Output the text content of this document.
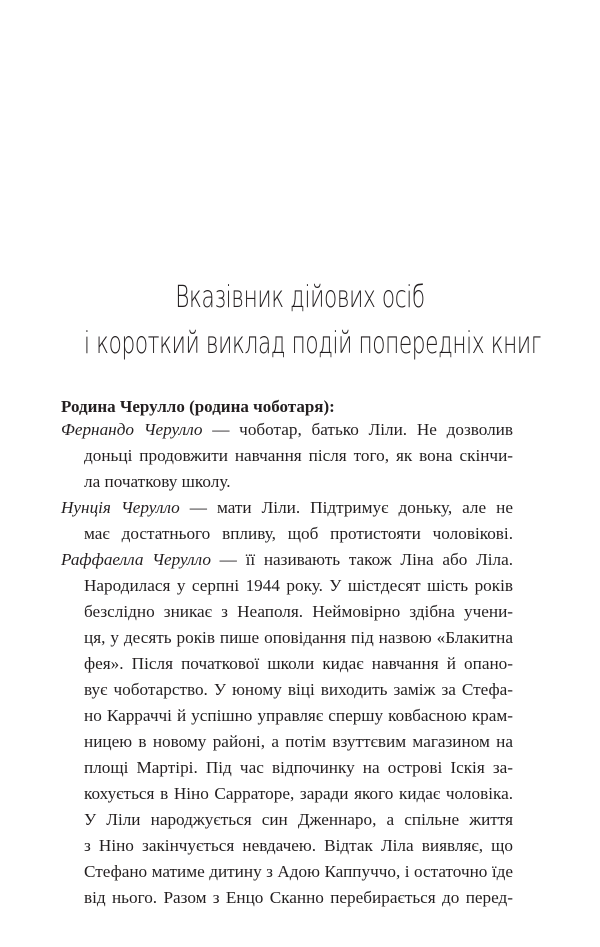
Вказівник дійових осіб
і короткий виклад подій попередніх книг
Родина Черулло (родина чоботаря):
Фернандо Черулло — чоботар, батько Ліли. Не дозволив
доньці продовжити навчання після того, як вона скінчи-
ла початкову школу.
Нунція Черулло — мати Ліли. Підтримує доньку, але не
має достатнього впливу, щоб протистояти чоловікові.
Раффаелла Черулло — її називають також Ліна або Ліла.
Народилася у серпні 1944 року. У шістдесят шість років
безслідно зникає з Неаполя. Неймовірно здібна учени-
ця, у десять років пише оповідання під назвою «Блакитна
фея». Після початкової школи кидає навчання й опано-
вує чоботарство. У юному віці виходить заміж за Стефа-
но Карраччі й успішно управляє спершу ковбасною крам-
ницею в новому районі, а потім взуттєвим магазином на
площі Мартірі. Під час відпочинку на острові Іскія за-
кохується в Ніно Сарраторе, заради якого кидає чоловіка.
У Ліли народжується син Дженнаро, а спільне життя
з Ніно закінчується невдачею. Відтак Ліла виявляє, що
Стефано матиме дитину з Адою Каппуччо, і остаточно їде
від нього. Разом з Енцо Сканно перебирається до перед-
